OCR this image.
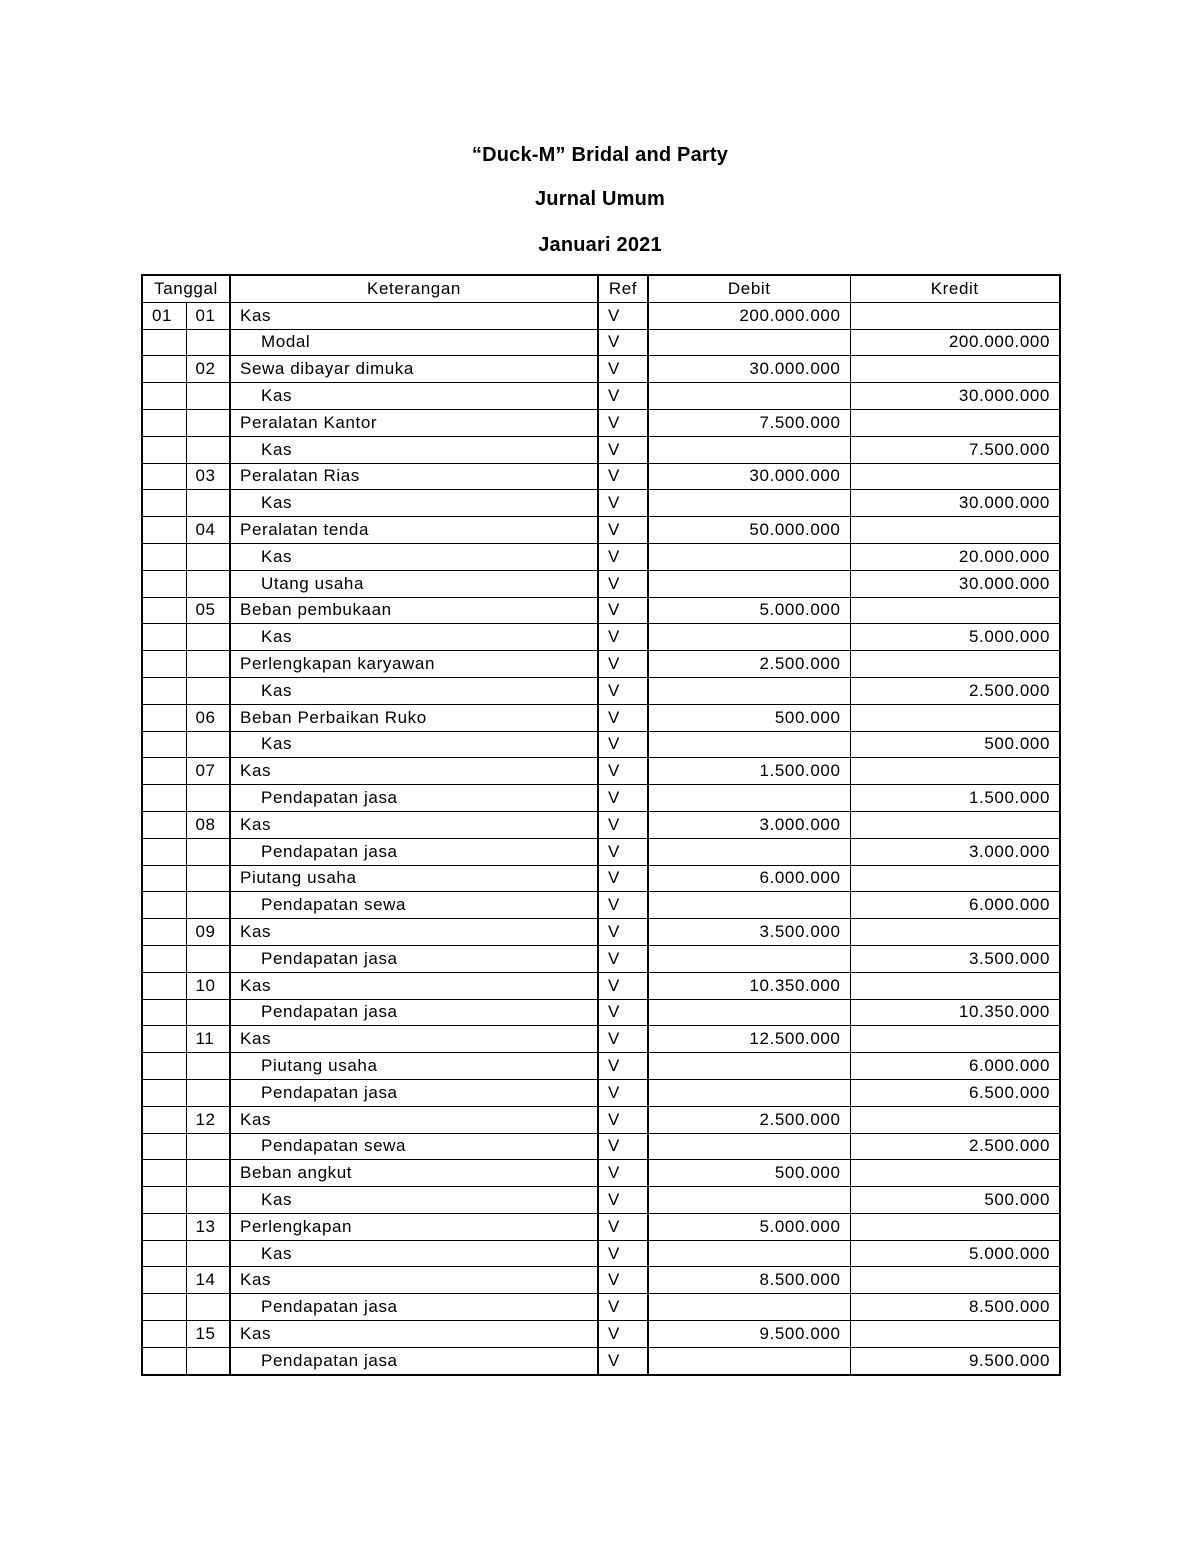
“Duck-M” Bridal and Party
Jurnal Umum
Januari 2021
Tanggal		Keterangan	Ref	Debit	Kredit
01	01	Kas	V	200.000.000	
		Modal	V		200.000.000
	02	Sewa dibayar dimuka	V	30.000.000	
		Kas	V		30.000.000
		Peralatan Kantor	V	7.500.000	
		Kas	V		7.500.000
	03	Peralatan Rias	V	30.000.000	
		Kas	V		30.000.000
	04	Peralatan tenda	V	50.000.000	
		Kas	V		20.000.000
		Utang usaha	V		30.000.000
	05	Beban pembukaan	V	5.000.000	
		Kas	V		5.000.000
		Perlengkapan karyawan	V	2.500.000	
		Kas	V		2.500.000
	06	Beban Perbaikan Ruko	V	500.000	
		Kas	V		500.000
	07	Kas	V	1.500.000	
		Pendapatan jasa	V		1.500.000
	08	Kas	V	3.000.000	
		Pendapatan jasa	V		3.000.000
		Piutang usaha	V	6.000.000	
		Pendapatan sewa	V		6.000.000
	09	Kas	V	3.500.000	
		Pendapatan jasa	V		3.500.000
	10	Kas	V	10.350.000	
		Pendapatan jasa	V		10.350.000
	11	Kas	V	12.500.000	
		Piutang usaha	V		6.000.000
		Pendapatan jasa	V		6.500.000
	12	Kas	V	2.500.000	
		Pendapatan sewa	V		2.500.000
		Beban angkut	V	500.000	
		Kas	V		500.000
	13	Perlengkapan	V	5.000.000	
		Kas	V		5.000.000
	14	Kas	V	8.500.000	
		Pendapatan jasa	V		8.500.000
	15	Kas	V	9.500.000	
		Pendapatan jasa	V		9.500.000
